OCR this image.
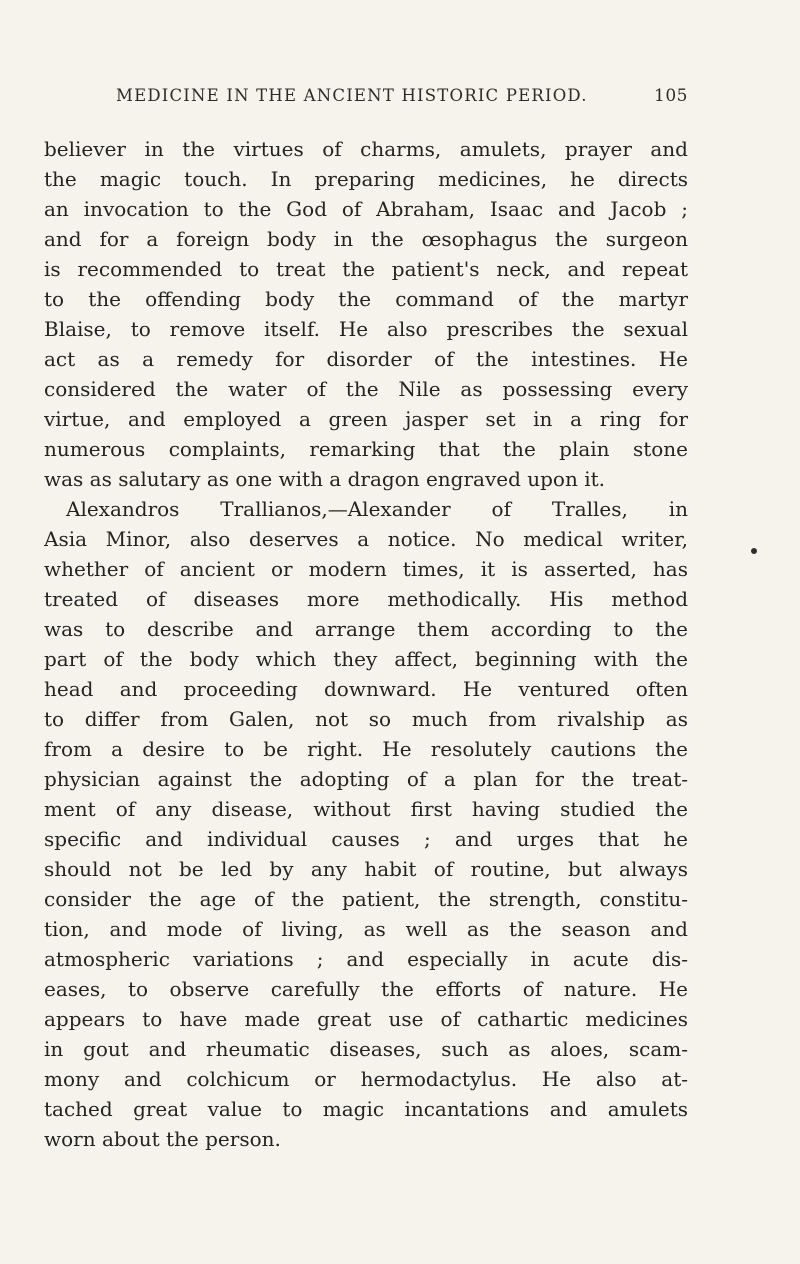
MEDICINE IN THE ANCIENT HISTORIC PERIOD.	105
believer in the virtues of charms, amulets, prayer and
the magic touch. In preparing medicines, he directs
an invocation to the God of Abraham, Isaac and Jacob ;
and for a foreign body in the œsophagus the surgeon
is recommended to treat the patient's neck, and repeat
to the offending body the command of the martyr
Blaise, to remove itself. He also prescribes the sexual
act as a remedy for disorder of the intestines. He
considered the water of the Nile as possessing every
virtue, and employed a green jasper set in a ring for
numerous complaints, remarking that the plain stone
was as salutary as one with a dragon engraved upon it.
Alexandros Trallianos,—Alexander of Tralles, in
Asia Minor, also deserves a notice. No medical writer,
whether of ancient or modern times, it is asserted, has
treated of diseases more methodically. His method
was to describe and arrange them according to the
part of the body which they affect, beginning with the
head and proceeding downward. He ventured often
to differ from Galen, not so much from rivalship as
from a desire to be right. He resolutely cautions the
physician against the adopting of a plan for the treat-
ment of any disease, without first having studied the
specific and individual causes ; and urges that he
should not be led by any habit of routine, but always
consider the age of the patient, the strength, constitu-
tion, and mode of living, as well as the season and
atmospheric variations ; and especially in acute dis-
eases, to observe carefully the efforts of nature. He
appears to have made great use of cathartic medicines
in gout and rheumatic diseases, such as aloes, scam-
mony and colchicum or hermodactylus. He also at-
tached great value to magic incantations and amulets
worn about the person.
